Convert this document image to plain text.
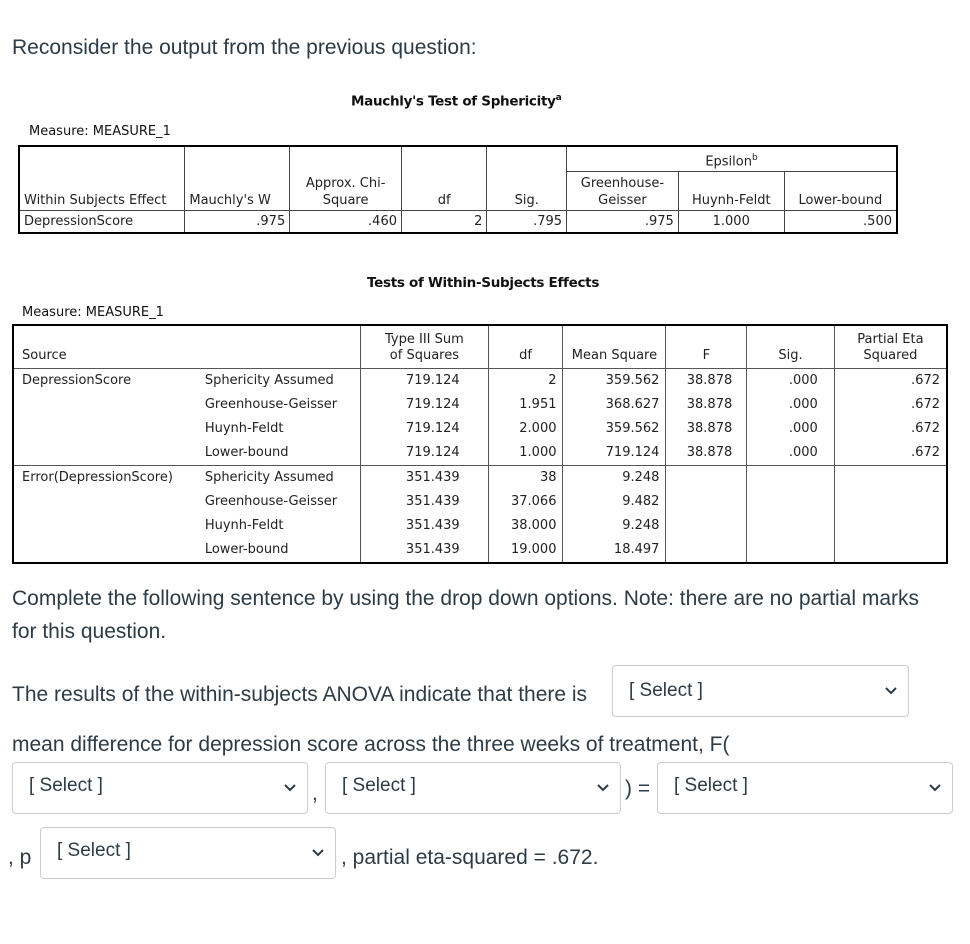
Reconsider the output from the previous question:
Mauchly's Test of Sphericity$^a$
Measure: MEASURE_1
Within Subjects Effect	Mauchly's W	Approx. Chi-
Square	df	Sig.	Epsilon$^b$
					Greenhouse-
Geisser	Huynh-Feldt	Lower-bound
DepressionScore	.975	.460	2	.795	.975	1.000	.500
Tests of Within-Subjects Effects
Measure: MEASURE_1
Source		Type III Sum
of Squares	df	Mean Square	F	Sig.	Partial Eta
Squared
DepressionScore	Sphericity Assumed	719.124	2	359.562	38.878	.000	.672
	Greenhouse-Geisser	719.124	1.951	368.627	38.878	.000	.672
	Huynh-Feldt	719.124	2.000	359.562	38.878	.000	.672
	Lower-bound	719.124	1.000	719.124	38.878	.000	.672
Error(DepressionScore)	Sphericity Assumed	351.439	38	9.248			
	Greenhouse-Geisser	351.439	37.066	9.482			
	Huynh-Feldt	351.439	38.000	9.248			
	Lower-bound	351.439	19.000	18.497			
Complete the following sentence by using the drop down options. Note: there are no partial marks
for this question.
The results of the within-subjects ANOVA indicate that there is [ Select ]
mean difference for depression score across the three weeks of treatment, F(
[ Select ]	, [ Select ]	) = [ Select ]
, p [ Select ]	, partial eta-squared = .672.
